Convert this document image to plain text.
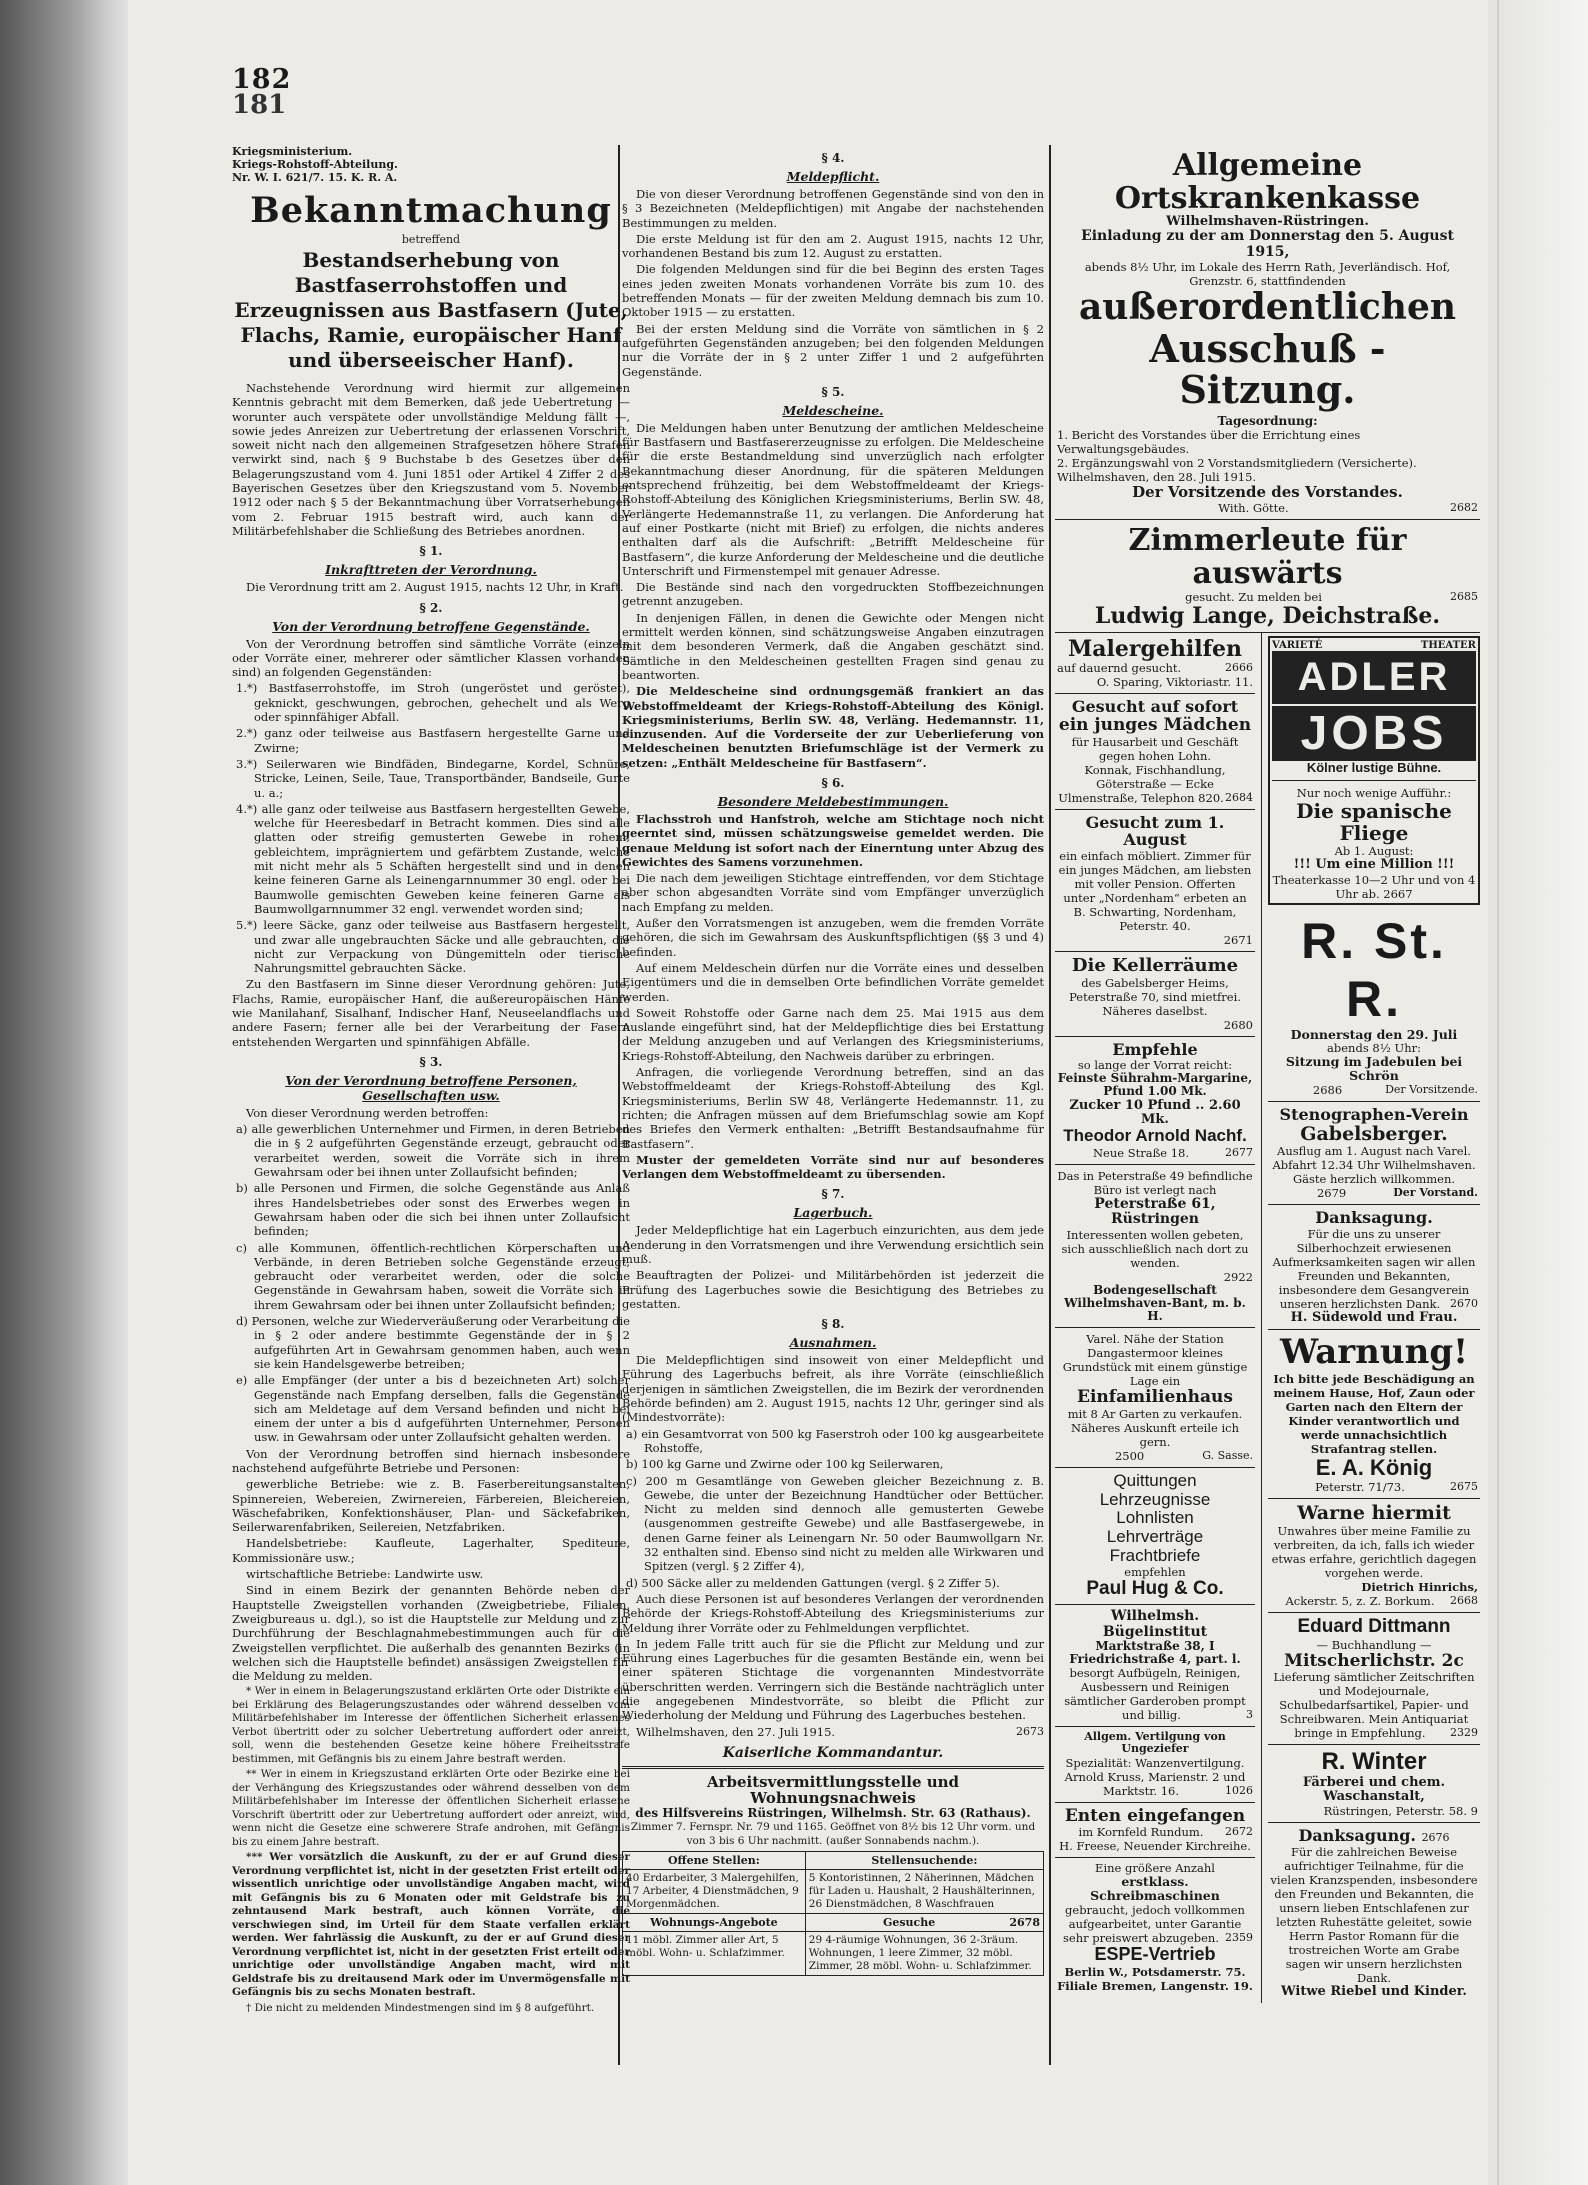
182
181
Kriegsministerium.
Kriegs-Rohstoff-Abteilung.
Nr. W. I. 621/7. 15. K. R. A.
Bekanntmachung
betreffend
Bestandserhebung von Bastfaserrohstoffen und Erzeugnissen aus Bastfasern (Jute, Flachs, Ramie, europäischer Hanf und überseeischer Hanf).

Nachstehende Verordnung wird hiermit zur allgemeinen Kenntnis gebracht mit dem Bemerken, daß jede Uebertretung — worunter auch verspätete oder unvollständige Meldung fällt —, sowie jedes Anreizen zur Uebertretung der erlassenen Vorschrift, soweit nicht nach den allgemeinen Strafgesetzen höhere Strafen verwirkt sind, nach § 9 Buchstabe b des Gesetzes über den Belagerungszustand vom 4. Juni 1851 oder Artikel 4 Ziffer 2 des Bayerischen Gesetzes über den Kriegszustand vom 5. November 1912 oder nach § 5 der Bekanntmachung über Vorratserhebungen vom 2. Februar 1915 bestraft wird, auch kann der Militärbefehlshaber die Schließung des Betriebes anordnen.

§ 1.
Inkrafttreten der Verordnung.

Die Verordnung tritt am 2. August 1915, nachts 12 Uhr, in Kraft.

§ 2.
Von der Verordnung betroffene Gegenstände.

Von der Verordnung betroffen sind sämtliche Vorräte (einzeln oder Vorräte einer, mehrerer oder sämtlicher Klassen vorhanden sind) an folgenden Gegenständen:

1.*) Bastfaserrohstoffe, im Stroh (ungeröstet und geröstet), geknickt, geschwungen, gebrochen, gehechelt und als Werg oder spinnfähiger Abfall.

2.*) ganz oder teilweise aus Bastfasern hergestellte Garne und Zwirne;

3.*) Seilerwaren wie Bindfäden, Bindegarne, Kordel, Schnüre, Stricke, Leinen, Seile, Taue, Transportbänder, Bandseile, Gurte u. a.;

4.*) alle ganz oder teilweise aus Bastfasern hergestellten Gewebe, welche für Heeresbedarf in Betracht kommen. Dies sind alle glatten oder streifig gemusterten Gewebe in rohem, gebleichtem, imprägniertem und gefärbtem Zustande, welche mit nicht mehr als 5 Schäften hergestellt sind und in denen keine feineren Garne als Leinengarnnummer 30 engl. oder bei Baumwolle gemischten Geweben keine feineren Garne als Baumwollgarnnummer 32 engl. verwendet worden sind;

5.*) leere Säcke, ganz oder teilweise aus Bastfasern hergestellt, und zwar alle ungebrauchten Säcke und alle gebrauchten, die nicht zur Verpackung von Düngemitteln oder tierische Nahrungsmittel gebrauchten Säcke.

Zu den Bastfasern im Sinne dieser Verordnung gehören: Jute, Flachs, Ramie, europäischer Hanf, die außereuropäischen Hänfe wie Manilahanf, Sisalhanf, Indischer Hanf, Neuseelandflachs und andere Fasern; ferner alle bei der Verarbeitung der Fasern entstehenden Wergarten und spinnfähigen Abfälle.

§ 3.
Von der Verordnung betroffene Personen, Gesellschaften usw.

Von dieser Verordnung werden betroffen:

a) alle gewerblichen Unternehmer und Firmen, in deren Betrieben die in § 2 aufgeführten Gegenstände erzeugt, gebraucht oder verarbeitet werden, soweit die Vorräte sich in ihrem Gewahrsam oder bei ihnen unter Zollaufsicht befinden;

b) alle Personen und Firmen, die solche Gegenstände aus Anlaß ihres Handelsbetriebes oder sonst des Erwerbes wegen in Gewahrsam haben oder die sich bei ihnen unter Zollaufsicht befinden;

c) alle Kommunen, öffentlich-rechtlichen Körperschaften und Verbände, in deren Betrieben solche Gegenstände erzeugt, gebraucht oder verarbeitet werden, oder die solche Gegenstände in Gewahrsam haben, soweit die Vorräte sich in ihrem Gewahrsam oder bei ihnen unter Zollaufsicht befinden;

d) Personen, welche zur Wiederveräußerung oder Verarbeitung die in § 2 oder andere bestimmte Gegenstände der in § 2 aufgeführten Art in Gewahrsam genommen haben, auch wenn sie kein Handelsgewerbe betreiben;

e) alle Empfänger (der unter a bis d bezeichneten Art) solcher Gegenstände nach Empfang derselben, falls die Gegenstände sich am Meldetage auf dem Versand befinden und nicht bei einem der unter a bis d aufgeführten Unternehmer, Personen usw. in Gewahrsam oder unter Zollaufsicht gehalten werden.

Von der Verordnung betroffen sind hiernach insbesondere nachstehend aufgeführte Betriebe und Personen:

gewerbliche Betriebe: wie z. B. Faserbereitungsanstalten, Spinnereien, Webereien, Zwirnereien, Färbereien, Bleichereien, Wäschefabriken, Konfektionshäuser, Plan- und Säckefabriken, Seilerwarenfabriken, Seilereien, Netzfabriken.

Handelsbetriebe: Kaufleute, Lagerhalter, Spediteure, Kommissionäre usw.;

wirtschaftliche Betriebe: Landwirte usw.

Sind in einem Bezirk der genannten Behörde neben der Hauptstelle Zweigstellen vorhanden (Zweigbetriebe, Filialen, Zweigbureaus u. dgl.), so ist die Hauptstelle zur Meldung und zur Durchführung der Beschlagnahmebestimmungen auch für die Zweigstellen verpflichtet. Die außerhalb des genannten Bezirks (in welchen sich die Hauptstelle befindet) ansässigen Zweigstellen für die Meldung zu melden.

* Wer in einem in Belagerungszustand erklärten Orte oder Distrikte ein bei Erklärung des Belagerungszustandes oder während desselben vom Militärbefehlshaber im Interesse der öffentlichen Sicherheit erlassenes Verbot übertritt oder zu solcher Uebertretung auffordert oder anreizt, soll, wenn die bestehenden Gesetze keine höhere Freiheitsstrafe bestimmen, mit Gefängnis bis zu einem Jahre bestraft werden.

** Wer in einem in Kriegszustand erklärten Orte oder Bezirke eine bei der Verhängung des Kriegszustandes oder während desselben von dem Militärbefehlshaber im Interesse der öffentlichen Sicherheit erlassene Vorschrift übertritt oder zur Uebertretung auffordert oder anreizt, wird, wenn nicht die Gesetze eine schwerere Strafe androhen, mit Gefängnis bis zu einem Jahre bestraft.

*** Wer vorsätzlich die Auskunft, zu der er auf Grund dieser Verordnung verpflichtet ist, nicht in der gesetzten Frist erteilt oder wissentlich unrichtige oder unvollständige Angaben macht, wird mit Gefängnis bis zu 6 Monaten oder mit Geldstrafe bis zu zehntausend Mark bestraft, auch können Vorräte, die verschwiegen sind, im Urteil für dem Staate verfallen erklärt werden. Wer fahrlässig die Auskunft, zu der er auf Grund dieser Verordnung verpflichtet ist, nicht in der gesetzten Frist erteilt oder unrichtige oder unvollständige Angaben macht, wird mit Geldstrafe bis zu dreitausend Mark oder im Unvermögensfalle mit Gefängnis bis zu sechs Monaten bestraft.

† Die nicht zu meldenden Mindestmengen sind im § 8 aufgeführt.

§ 4.
Meldepflicht.

Die von dieser Verordnung betroffenen Gegenstände sind von den in § 3 Bezeichneten (Meldepflichtigen) mit Angabe der nachstehenden Bestimmungen zu melden.

Die erste Meldung ist für den am 2. August 1915, nachts 12 Uhr, vorhandenen Bestand bis zum 12. August zu erstatten.

Die folgenden Meldungen sind für die bei Beginn des ersten Tages eines jeden zweiten Monats vorhandenen Vorräte bis zum 10. des betreffenden Monats — für der zweiten Meldung demnach bis zum 10. Oktober 1915 — zu erstatten.

Bei der ersten Meldung sind die Vorräte von sämtlichen in § 2 aufgeführten Gegenständen anzugeben; bei den folgenden Meldungen nur die Vorräte der in § 2 unter Ziffer 1 und 2 aufgeführten Gegenstände.

§ 5.
Meldescheine.

Die Meldungen haben unter Benutzung der amtlichen Meldescheine für Bastfasern und Bastfasererzeugnisse zu erfolgen. Die Meldescheine für die erste Bestandmeldung sind unverzüglich nach erfolgter Bekanntmachung dieser Anordnung, für die späteren Meldungen entsprechend frühzeitig, bei dem Webstoffmeldeamt der Kriegs-Rohstoff-Abteilung des Königlichen Kriegsministeriums, Berlin SW. 48, Verlängerte Hedemannstraße 11, zu verlangen. Die Anforderung hat auf einer Postkarte (nicht mit Brief) zu erfolgen, die nichts anderes enthalten darf als die Aufschrift: „Betrifft Meldescheine für Bastfasern“, die kurze Anforderung der Meldescheine und die deutliche Unterschrift und Firmenstempel mit genauer Adresse.

Die Bestände sind nach den vorgedruckten Stoffbezeichnungen getrennt anzugeben.

In denjenigen Fällen, in denen die Gewichte oder Mengen nicht ermittelt werden können, sind schätzungsweise Angaben einzutragen mit dem besonderen Vermerk, daß die Angaben geschätzt sind. Sämtliche in den Meldescheinen gestellten Fragen sind genau zu beantworten.

Die Meldescheine sind ordnungsgemäß frankiert an das Webstoffmeldeamt der Kriegs-Rohstoff-Abteilung des Königl. Kriegsministeriums, Berlin SW. 48, Verläng. Hedemannstr. 11, einzusenden. Auf die Vorderseite der zur Ueberlieferung von Meldescheinen benutzten Briefumschläge ist der Vermerk zu setzen: „Enthält Meldescheine für Bastfasern“.

§ 6.
Besondere Meldebestimmungen.

Flachsstroh und Hanfstroh, welche am Stichtage noch nicht geerntet sind, müssen schätzungsweise gemeldet werden. Die genaue Meldung ist sofort nach der Einerntung unter Abzug des Gewichtes des Samens vorzunehmen.

Die nach dem jeweiligen Stichtage eintreffenden, vor dem Stichtage aber schon abgesandten Vorräte sind vom Empfänger unverzüglich nach Empfang zu melden.

Außer den Vorratsmengen ist anzugeben, wem die fremden Vorräte gehören, die sich im Gewahrsam des Auskunftspflichtigen (§§ 3 und 4) befinden.

Auf einem Meldeschein dürfen nur die Vorräte eines und desselben Eigentümers und die in demselben Orte befindlichen Vorräte gemeldet werden.

Soweit Rohstoffe oder Garne nach dem 25. Mai 1915 aus dem Auslande eingeführt sind, hat der Meldepflichtige dies bei Erstattung der Meldung anzugeben und auf Verlangen des Kriegsministeriums, Kriegs-Rohstoff-Abteilung, den Nachweis darüber zu erbringen.

Anfragen, die vorliegende Verordnung betreffen, sind an das Webstoffmeldeamt der Kriegs-Rohstoff-Abteilung des Kgl. Kriegsministeriums, Berlin SW 48, Verlängerte Hedemannstr. 11, zu richten; die Anfragen müssen auf dem Briefumschlag sowie am Kopf des Briefes den Vermerk enthalten: „Betrifft Bestandsaufnahme für Bastfasern“.

Muster der gemeldeten Vorräte sind nur auf besonderes Verlangen dem Webstoffmeldeamt zu übersenden.

§ 7.
Lagerbuch.

Jeder Meldepflichtige hat ein Lagerbuch einzurichten, aus dem jede Aenderung in den Vorratsmengen und ihre Verwendung ersichtlich sein muß.

Beauftragten der Polizei- und Militärbehörden ist jederzeit die Prüfung des Lagerbuches sowie die Besichtigung des Betriebes zu gestatten.

§ 8.
Ausnahmen.

Die Meldepflichtigen sind insoweit von einer Meldepflicht und Führung des Lagerbuchs befreit, als ihre Vorräte (einschließlich derjenigen in sämtlichen Zweigstellen, die im Bezirk der verordnenden Behörde befinden) am 2. August 1915, nachts 12 Uhr, geringer sind als (Mindestvorräte):

a) ein Gesamtvorrat von 500 kg Faserstroh oder 100 kg ausgearbeitete Rohstoffe,

b) 100 kg Garne und Zwirne oder 100 kg Seilerwaren,

c) 200 m Gesamtlänge von Geweben gleicher Bezeichnung z. B. Gewebe, die unter der Bezeichnung Handtücher oder Bettücher. Nicht zu melden sind dennoch alle gemusterten Gewebe (ausgenommen gestreifte Gewebe) und alle Bastfasergewebe, in denen Garne feiner als Leinengarn Nr. 50 oder Baumwollgarn Nr. 32 enthalten sind. Ebenso sind nicht zu melden alle Wirkwaren und Spitzen (vergl. § 2 Ziffer 4),

d) 500 Säcke aller zu meldenden Gattungen (vergl. § 2 Ziffer 5).

Auch diese Personen ist auf besonderes Verlangen der verordnenden Behörde der Kriegs-Rohstoff-Abteilung des Kriegsministeriums zur Meldung ihrer Vorräte oder zu Fehlmeldungen verpflichtet.

In jedem Falle tritt auch für sie die Pflicht zur Meldung und zur Führung eines Lagerbuches für die gesamten Bestände ein, wenn bei einer späteren Stichtage die vorgenannten Mindestvorräte überschritten werden. Verringern sich die Bestände nachträglich unter die angegebenen Mindestvorräte, so bleibt die Pflicht zur Wiederholung der Meldung und Führung des Lagerbuches bestehen.

Wilhelmshaven, den 27. Juli 1915.	2673

Kaiserliche Kommandantur.
Arbeitsvermittlungsstelle und Wohnungsnachweis
des Hilfsvereins Rüstringen, Wilhelmsh. Str. 63 (Rathaus).

Zimmer 7. Fernspr. Nr. 79 und 1165. Geöffnet von 8½ bis 12 Uhr vorm. und von 3 bis 6 Uhr nachmitt. (außer Sonnabends nachm.).

Offene Stellen:	Stellensuchende:
40 Erdarbeiter, 3 Malergehilfen, 17 Arbeiter, 4 Dienstmädchen, 9 Morgenmädchen.	5 Kontoristinnen, 2 Näherinnen, Mädchen für Laden u. Haushalt, 2 Haushälterinnen, 26 Dienstmädchen, 8 Waschfrauen
Wohnungs-Angebote	Gesuche 2678

11 möbl. Zimmer aller Art, 5 möbl. Wohn- u. Schlafzimmer.	29 4-räumige Wohnungen, 36 2-3räum. Wohnungen, 1 leere Zimmer, 32 möbl. Zimmer, 28 möbl. Wohn- u. Schlafzimmer.
Allgemeine Ortskrankenkasse
Wilhelmshaven-Rüstringen.
Einladung zu der am Donnerstag den 5. August 1915,

abends 8½ Uhr, im Lokale des Herrn Rath, Jeverländisch. Hof, Grenzstr. 6, stattfindenden

außerordentlichen
Ausschuß - Sitzung.
Tagesordnung:

1. Bericht des Vorstandes über die Errichtung eines Verwaltungsgebäudes.

2. Ergänzungswahl von 2 Vorstandsmitgliedern (Versicherte).

Wilhelmshaven, den 28. Juli 1915.

Der Vorsitzende des Vorstandes.

With. Götte.	2682

Zimmerleute für auswärts

gesucht. Zu melden bei	2685

Ludwig Lange, Deichstraße.
Malergehilfen

auf dauernd gesucht.	2666

O. Sparing, Viktoriastr. 11.

Gesucht auf sofort
ein junges Mädchen

für Hausarbeit und Geschäft gegen hohen Lohn.

Konnak, Fischhandlung,

Göterstraße — Ecke Ulmenstraße, Telephon 820. 2684

Gesucht zum 1. August

ein einfach möbliert. Zimmer für ein junges Mädchen, am liebsten mit voller Pension. Offerten unter „Nordenham“ erbeten an B. Schwarting, Nordenham, Peterstr. 40.

2671

Die Kellerräume

des Gabelsberger Heims, Peterstraße 70, sind mietfrei. Näheres daselbst.

2680

Empfehle

so lange der Vorrat reicht:

Feinste Sührahm-Margarine,
Pfund 1.00 Mk.
Zucker 10 Pfund .. 2.60 Mk.
Theodor Arnold Nachf.

Neue Straße 18.	2677

Das in Peterstraße 49 befindliche Büro ist verlegt nach

Peterstraße 61, Rüstringen

Interessenten wollen gebeten, sich ausschließlich nach dort zu wenden.

2922

Bodengesellschaft
Wilhelmshaven-Bant, m. b. H.

Varel. Nähe der Station Dangastermoor kleines Grundstück mit einem günstige Lage ein

Einfamilienhaus

mit 8 Ar Garten zu verkaufen. Näheres Auskunft erteile ich gern.

2500	G. Sasse.

Quittungen
Lehrzeugnisse
Lohnlisten
Lehrverträge
Frachtbriefe

empfehlen

Paul Hug & Co.
Wilhelmsh. Bügelinstitut
Marktstraße 38, I
Friedrichstraße 4, part. l.

besorgt Aufbügeln, Reinigen, Ausbessern und Reinigen sämtlicher Garderoben prompt und billig.	3

Allgem. Vertilgung von Ungeziefer

Spezialität: Wanzenvertilgung.

Arnold Kruss, Marienstr. 2 und Marktstr. 16.	1026

Enten eingefangen

im Kornfeld Rundum. 2672

H. Freese, Neuender Kirchreihe.

Eine größere Anzahl

erstklass. Schreibmaschinen

gebraucht, jedoch vollkommen aufgearbeitet, unter Garantie sehr preiswert abzugeben. 2359

ESPE-Vertrieb

Berlin W., Potsdamerstr. 75.

Filiale Bremen, Langenstr. 19.

VARIETÉ	THEATER
ADLER
JOBS
Kölner lustige Bühne.

Nur noch wenige Aufführ.:

Die spanische Fliege

Ab 1. August:

!!! Um eine Million !!!

Theaterkasse 10—2 Uhr und von 4 Uhr ab. 2667

R. St. R.
Donnerstag den 29. Juli

abends 8½ Uhr:

Sitzung im Jadebulen bei Schrön

2686	Der Vorsitzende.

Stenographen-Verein
Gabelsberger.

Ausflug am 1. August nach Varel. Abfahrt 12.34 Uhr Wilhelmshaven. Gäste herzlich willkommen.

2679	Der Vorstand.

Danksagung.

Für die uns zu unserer Silberhochzeit erwiesenen Aufmerksamkeiten sagen wir allen Freunden und Bekannten, insbesondere dem Gesangverein unseren herzlichsten Dank. 2670

H. Südewold und Frau.
Warnung!

Ich bitte jede Beschädigung an meinem Hause, Hof, Zaun oder Garten nach den Eltern der Kinder verantwortlich und werde unnachsichtlich Strafantrag stellen.

E. A. König

Peterstr. 71/73.	2675

Warne hiermit

Unwahres über meine Familie zu verbreiten, da ich, falls ich wieder etwas erfahre, gerichtlich dagegen vorgehen werde.

Dietrich Hinrichs,

Ackerstr. 5, z. Z. Borkum. 2668

Eduard Dittmann

— Buchhandlung —

Mitscherlichstr. 2c

Lieferung sämtlicher Zeitschriften und Modejournale, Schulbedarfsartikel, Papier- und Schreibwaren. Mein Antiquariat bringe in Empfehlung. 2329

R. Winter
Färberei und chem. Waschanstalt,

Rüstringen, Peterstr. 58. 9

Danksagung. 2676

Für die zahlreichen Beweise aufrichtiger Teilnahme, für die vielen Kranzspenden, insbesondere den Freunden und Bekannten, die unsern lieben Entschlafenen zur letzten Ruhestätte geleitet, sowie Herrn Pastor Romann für die trostreichen Worte am Grabe sagen wir unsern herzlichsten Dank.

Witwe Riebel und Kinder.
